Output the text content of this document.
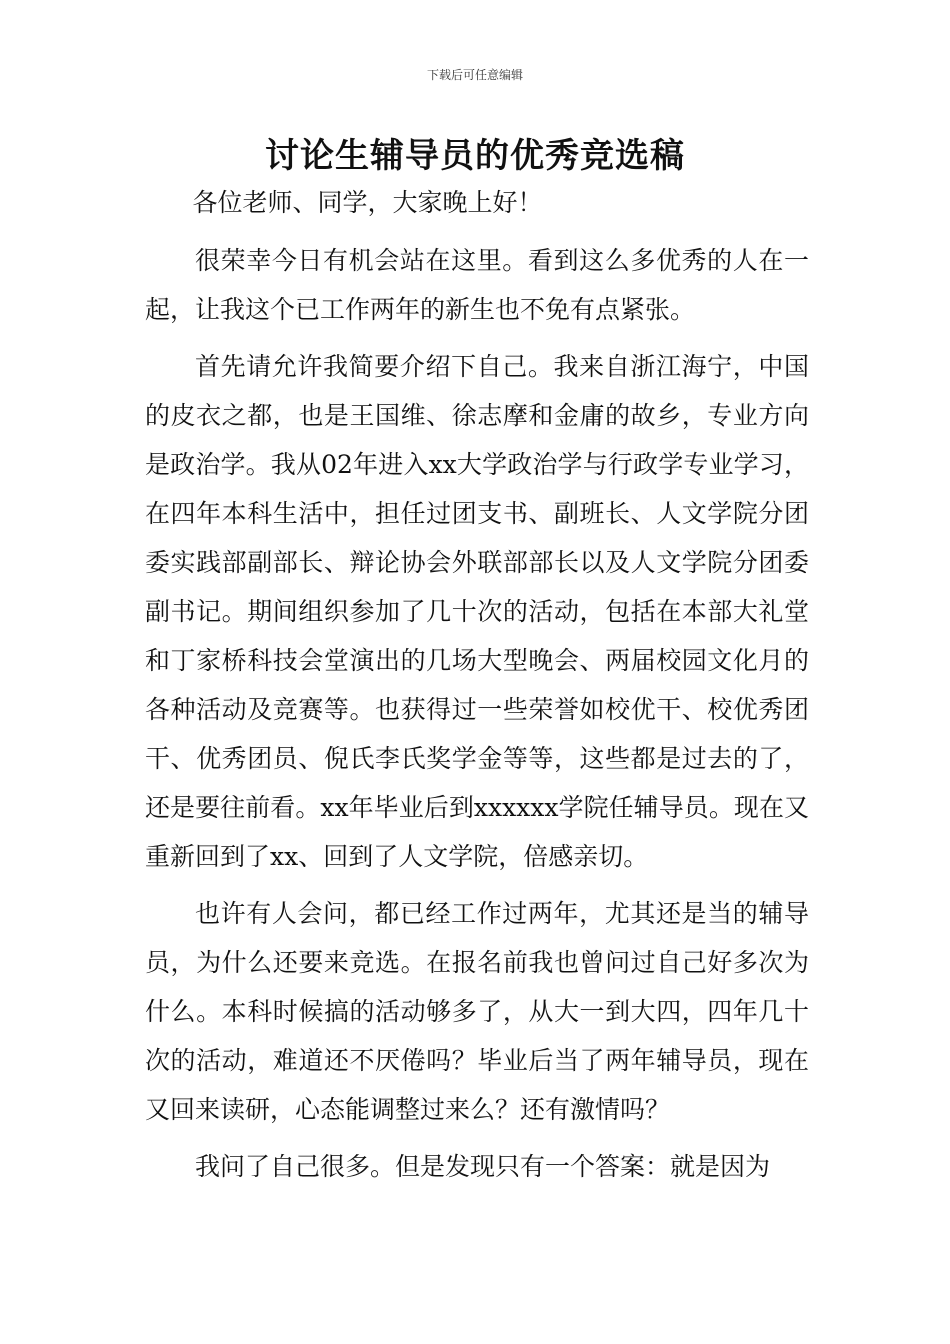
下载后可任意编辑
讨论生辅导员的优秀竞选稿

各位老师、同学，大家晚上好！

很荣幸今日有机会站在这里。看到这么多优秀的人在一起，让我这个已工作两年的新生也不免有点紧张。

首先请允许我简要介绍下自己。我来自浙江海宁，中国的皮衣之都，也是王国维、徐志摩和金庸的故乡，专业方向是政治学。我从02年进入xx大学政治学与行政学专业学习，在四年本科生活中，担任过团支书、副班长、人文学院分团委实践部副部长、辩论协会外联部部长以及人文学院分团委副书记。期间组织参加了几十次的活动，包括在本部大礼堂和丁家桥科技会堂演出的几场大型晚会、两届校园文化月的各种活动及竞赛等。也获得过一些荣誉如校优干、校优秀团干、优秀团员、倪氏李氏奖学金等等，这些都是过去的了，还是要往前看。xx年毕业后到xxxxxx学院任辅导员。现在又重新回到了xx、回到了人文学院，倍感亲切。

也许有人会问，都已经工作过两年，尤其还是当的辅导员，为什么还要来竞选。在报名前我也曾问过自己好多次为什么。本科时候搞的活动够多了，从大一到大四，四年几十次的活动，难道还不厌倦吗？毕业后当了两年辅导员，现在又回来读研，心态能调整过来么？还有激情吗？

我问了自己很多。但是发现只有一个答案：就是因为
